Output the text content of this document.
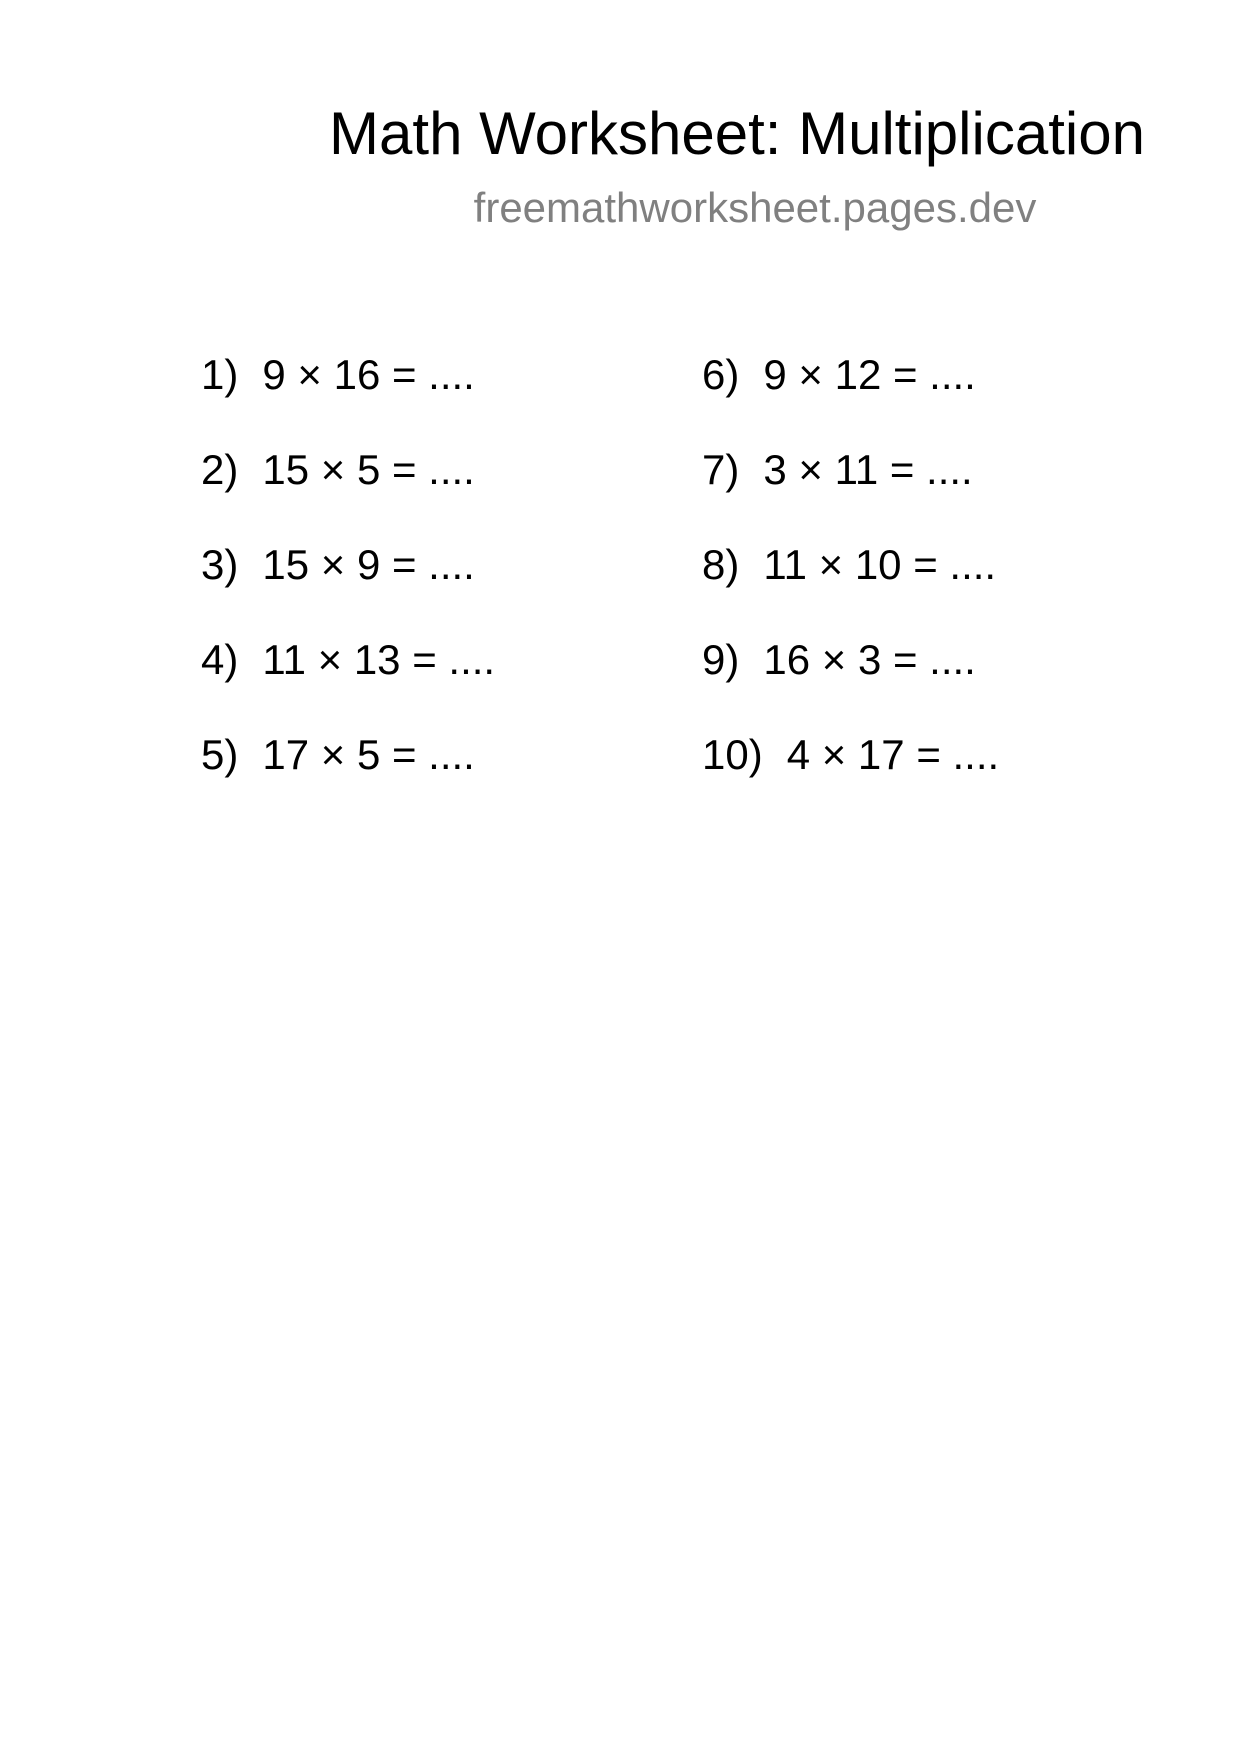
Math Worksheet: Multiplication
freemathworksheet.pages.dev
1) 9 × 16 = ....
2) 15 × 5 = ....
3) 15 × 9 = ....
4) 11 × 13 = ....
5) 17 × 5 = ....
6) 9 × 12 = ....
7) 3 × 11 = ....
8) 11 × 10 = ....
9) 16 × 3 = ....
10) 4 × 17 = ....
